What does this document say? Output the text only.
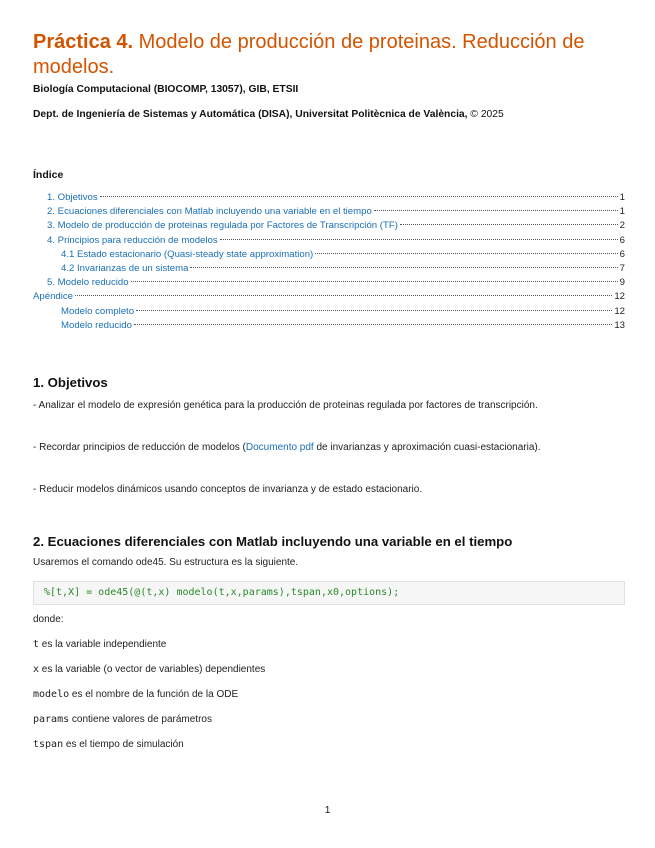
Práctica 4. Modelo de producción de proteinas. Reducción de modelos.

Biología Computacional (BIOCOMP, 13057), GIB, ETSII

Dept. de Ingeniería de Sistemas y Automática (DISA), Universitat Politècnica de València, © 2025

Índice

1. Objetivos	1
2. Ecuaciones diferenciales con Matlab incluyendo una variable en el tiempo	1
3. Modelo de producción de proteinas regulada por Factores de Transcripción (TF)	2
4. Principios para reducción de modelos	6
4.1 Estado estacionario (Quasi-steady state approximation)	6
4.2 Invarianzas de un sistema	7
5. Modelo reducido	9
Apéndice	12
Modelo completo	12
Modelo reducido	13
1. Objetivos

- Analizar el modelo de expresión genética para la producción de proteinas regulada por factores de transcripción.

- Recordar principios de reducción de modelos (Documento pdf de invarianzas y aproximación cuasi-estacionaria).

- Reducir modelos dinámicos usando conceptos de invarianza y de estado estacionario.

2. Ecuaciones diferenciales con Matlab incluyendo una variable en el tiempo

Usaremos el comando ode45. Su estructura es la siguiente.

%[t,X] = ode45(@(t,x) modelo(t,x,params),tspan,x0,options);

donde:

t es la variable independiente

x es la variable (o vector de variables) dependientes

modelo es el nombre de la función de la ODE

params contiene valores de parámetros

tspan es el tiempo de simulación

1
